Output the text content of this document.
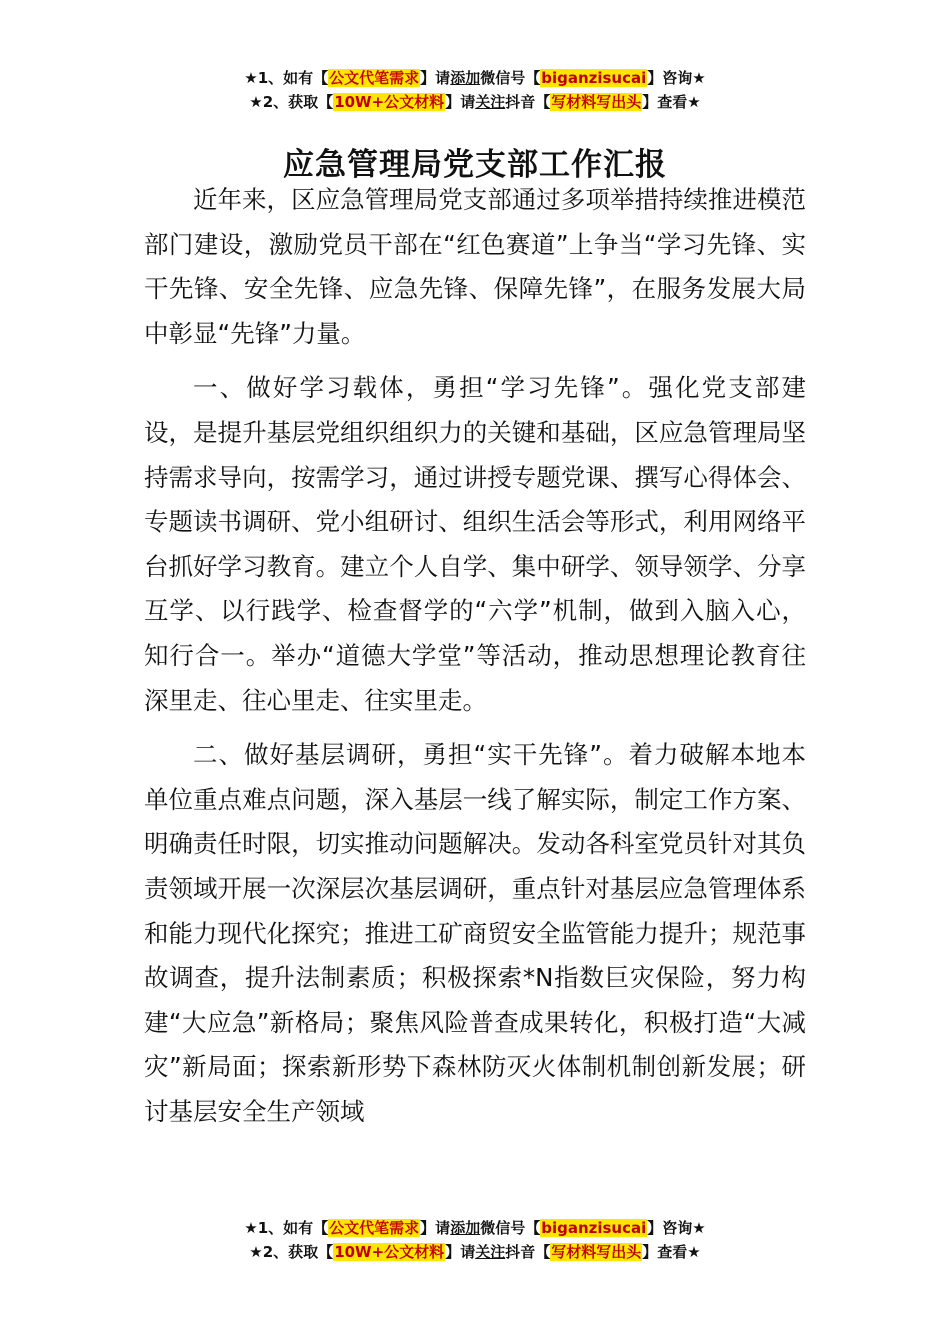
★1、如有【公文代笔需求】请添加微信号【biganzisucai】咨询★
★2、获取【10W+公文材料】请关注抖音【写材料写出头】查看★
应急管理局党支部工作汇报

近年来，区应急管理局党支部通过多项举措持续推进模范部门建设，激励党员干部在“红色赛道”上争当“学习先锋、实干先锋、安全先锋、应急先锋、保障先锋”，在服务发展大局中彰显“先锋”力量。

一、做好学习载体，勇担“学习先锋”。强化党支部建设，是提升基层党组织组织力的关键和基础，区应急管理局坚持需求导向，按需学习，通过讲授专题党课、撰写心得体会、专题读书调研、党小组研讨、组织生活会等形式，利用网络平台抓好学习教育。建立个人自学、集中研学、领导领学、分享互学、以行践学、检查督学的“六学”机制，做到入脑入心，知行合一。举办“道德大学堂”等活动，推动思想理论教育往深里走、往心里走、往实里走。

二、做好基层调研，勇担“实干先锋”。着力破解本地本单位重点难点问题，深入基层一线了解实际，制定工作方案、明确责任时限，切实推动问题解决。发动各科室党员针对其负责领域开展一次深层次基层调研，重点针对基层应急管理体系和能力现代化探究；推进工矿商贸安全监管能力提升；规范事故调查，提升法制素质；积极探索*N指数巨灾保险，努力构建“大应急”新格局；聚焦风险普查成果转化，积极打造“大减灾”新局面；探索新形势下森林防灭火体制机制创新发展；研讨基层安全生产领域

★1、如有【公文代笔需求】请添加微信号【biganzisucai】咨询★
★2、获取【10W+公文材料】请关注抖音【写材料写出头】查看★
